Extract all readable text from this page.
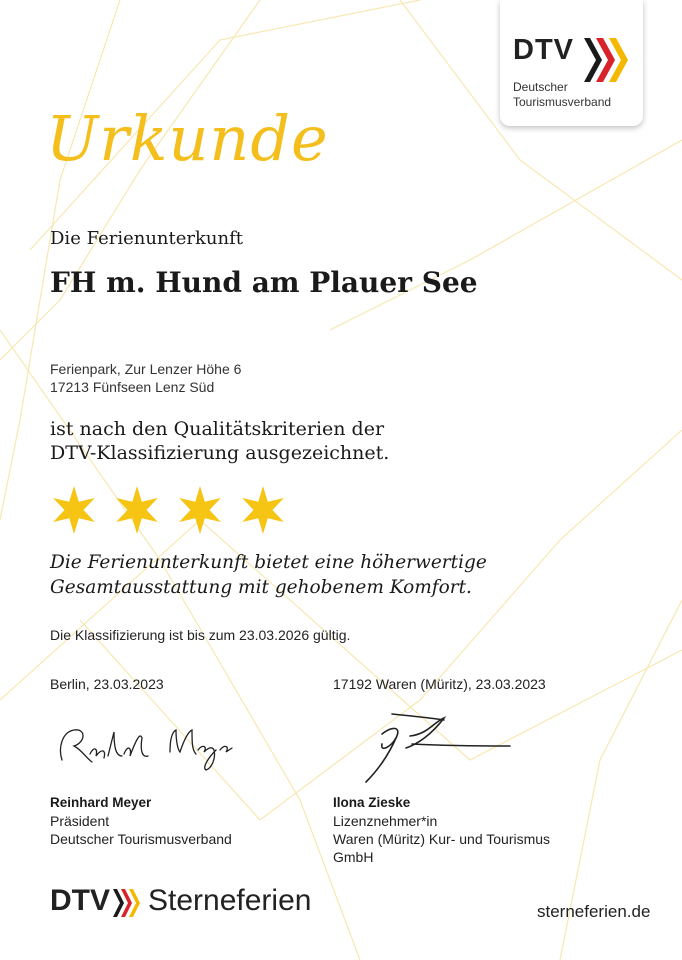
DTV
Deutscher
Tourismusverband
Urkunde
Die Ferienunterkunft
FH m. Hund am Plauer See
Ferienpark, Zur Lenzer Höhe 6
17213 Fünfseen Lenz Süd
ist nach den Qualitätskriterien der
DTV-Klassifizierung ausgezeichnet.
Die Ferienunterkunft bietet eine höherwertige
Gesamtausstattung mit gehobenem Komfort.
Die Klassifizierung ist bis zum 23.03.2026 gültig.
Berlin, 23.03.2023
Reinhard Meyer
Präsident
Deutscher Tourismusverband
17192 Waren (Müritz), 23.03.2023
Ilona Zieske
Lizenznehmer*in
Waren (Müritz) Kur- und Tourismus
GmbH
DTV Sterneferien	sterneferien.de
